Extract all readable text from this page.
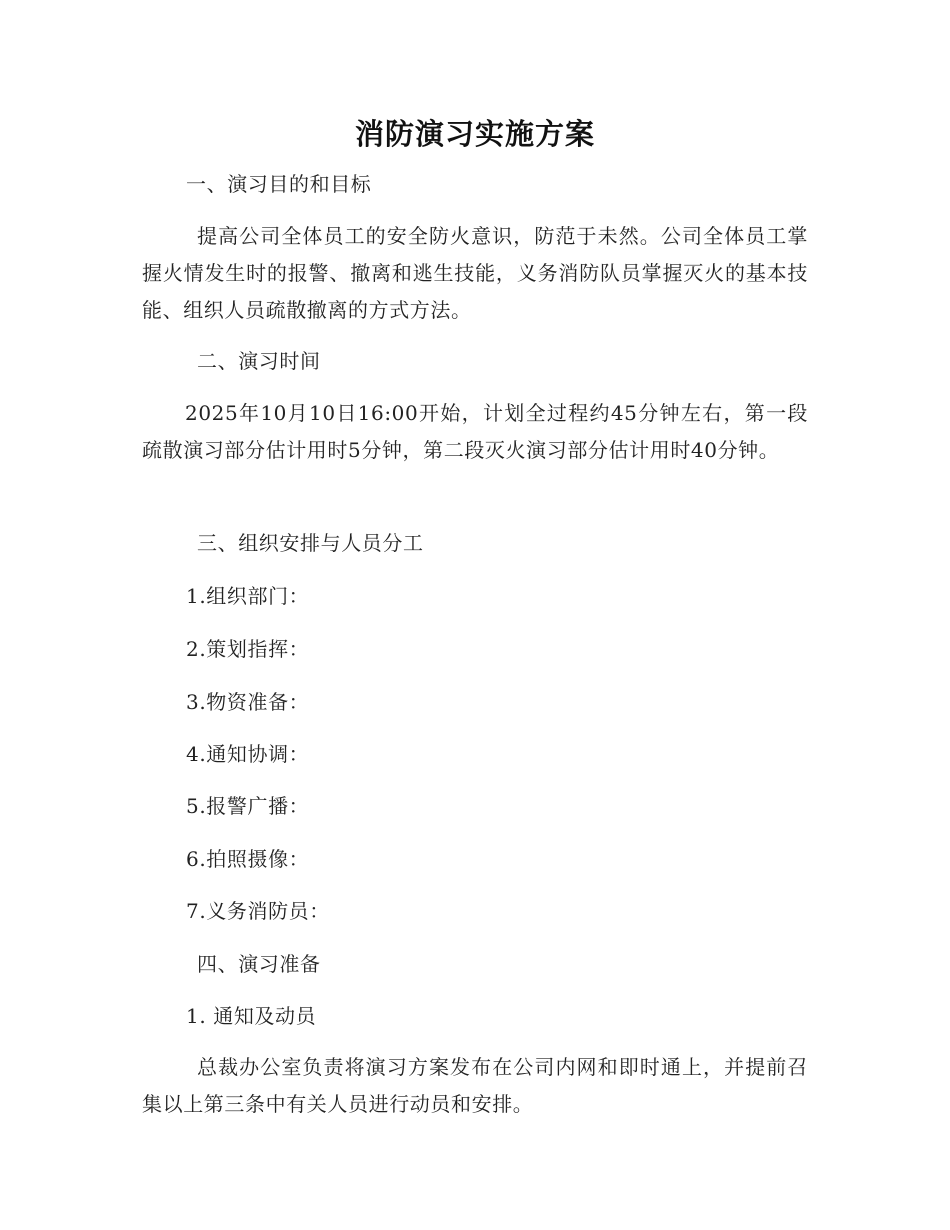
消防演习实施方案
一、演习目的和目标
提高公司全体员工的安全防火意识，防范于未然。公司全体员工掌握火情发生时的报警、撤离和逃生技能，义务消防队员掌握灭火的基本技能、组织人员疏散撤离的方式方法。
二、演习时间
2025年10月10日16:00开始，计划全过程约45分钟左右，第一段疏散演习部分估计用时5分钟，第二段灭火演习部分估计用时40分钟。
三、组织安排与人员分工
1.组织部门：
2.策划指挥：
3.物资准备：
4.通知协调：
5.报警广播：
6.拍照摄像：
7.义务消防员：
四、演习准备
1. 通知及动员
总裁办公室负责将演习方案发布在公司内网和即时通上，并提前召集以上第三条中有关人员进行动员和安排。
